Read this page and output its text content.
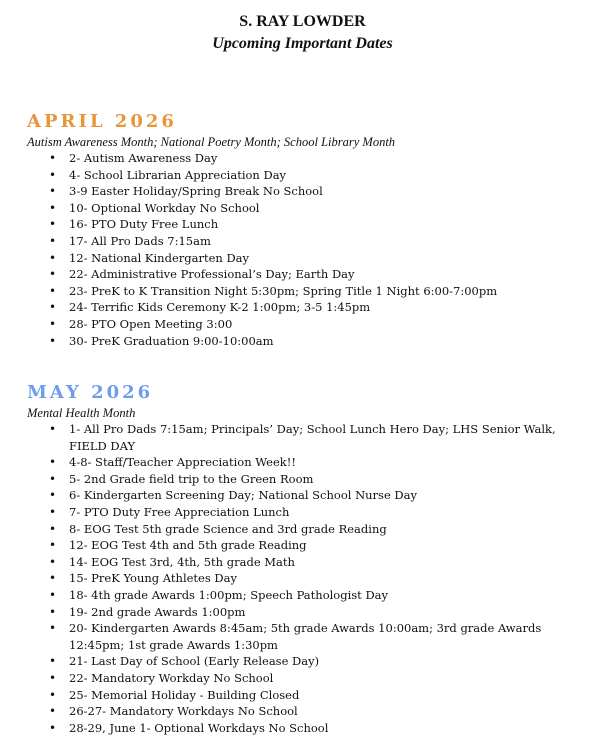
S. RAY LOWDER
Upcoming Important Dates
APRIL 2026
Autism Awareness Month; National Poetry Month; School Library Month
• 2- Autism Awareness Day
• 4- School Librarian Appreciation Day
• 3-9 Easter Holiday/Spring Break No School
• 10- Optional Workday No School
• 16- PTO Duty Free Lunch
• 17- All Pro Dads 7:15am
• 12- National Kindergarten Day
• 22- Administrative Professional’s Day; Earth Day
• 23- PreK to K Transition Night 5:30pm; Spring Title 1 Night 6:00-7:00pm
• 24- Terrific Kids Ceremony K-2 1:00pm; 3-5 1:45pm
• 28- PTO Open Meeting 3:00
• 30- PreK Graduation 9:00-10:00am
MAY 2026
Mental Health Month
• 1- All Pro Dads 7:15am; Principals’ Day; School Lunch Hero Day; LHS Senior Walk, FIELD DAY
• 4-8- Staff/Teacher Appreciation Week!!
• 5- 2nd Grade field trip to the Green Room
• 6- Kindergarten Screening Day; National School Nurse Day
• 7- PTO Duty Free Appreciation Lunch
• 8- EOG Test 5th grade Science and 3rd grade Reading
• 12- EOG Test 4th and 5th grade Reading
• 14- EOG Test 3rd, 4th, 5th grade Math
• 15- PreK Young Athletes Day
• 18- 4th grade Awards 1:00pm; Speech Pathologist Day
• 19- 2nd grade Awards 1:00pm
• 20- Kindergarten Awards 8:45am; 5th grade Awards 10:00am; 3rd grade Awards 12:45pm; 1st grade Awards 1:30pm
• 21- Last Day of School (Early Release Day)
• 22- Mandatory Workday No School
• 25- Memorial Holiday - Building Closed
• 26-27- Mandatory Workdays No School
• 28-29, June 1- Optional Workdays No School
